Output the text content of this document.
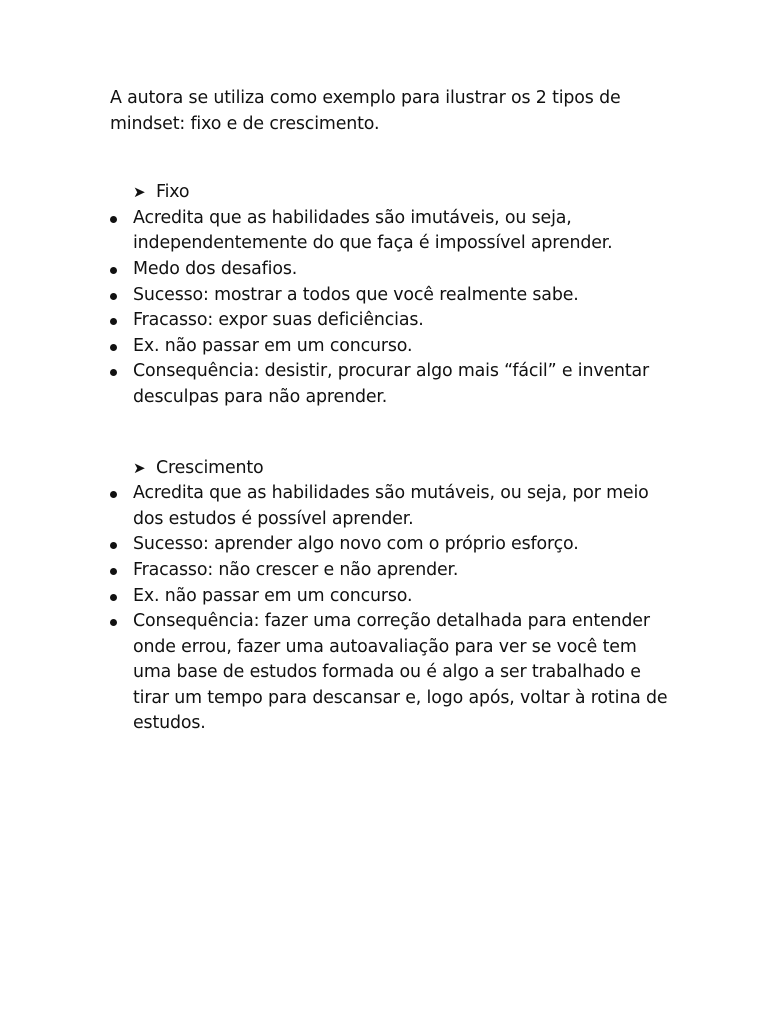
A autora se utiliza como exemplo para ilustrar os 2 tipos de mindset: fixo e de crescimento.

➤ Fixo

Acredita que as habilidades são imutáveis, ou seja, independentemente do que faça é impossível aprender.
Medo dos desafios.
Sucesso: mostrar a todos que você realmente sabe.
Fracasso: expor suas deficiências.
Ex. não passar em um concurso.
Consequência: desistir, procurar algo mais “fácil” e inventar desculpas para não aprender.

➤ Crescimento

Acredita que as habilidades são mutáveis, ou seja, por meio dos estudos é possível aprender.
Sucesso: aprender algo novo com o próprio esforço.
Fracasso: não crescer e não aprender.
Ex. não passar em um concurso.
Consequência: fazer uma correção detalhada para entender onde errou, fazer uma autoavaliação para ver se você tem uma base de estudos formada ou é algo a ser trabalhado e tirar um tempo para descansar e, logo após, voltar à rotina de estudos.
